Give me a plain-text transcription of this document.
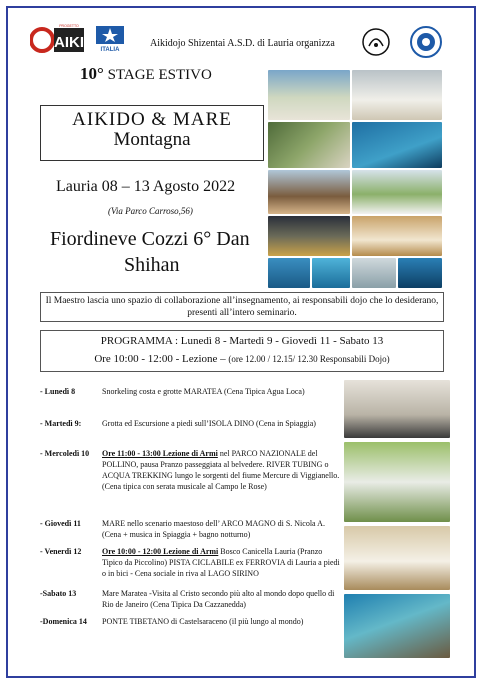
AIKI
PROGETTO
ITALIA
Aikidojo Shizentai A.S.D. di Lauria organizza
10° STAGE ESTIVO
AIKIDO & MARE
Montagna
Lauria 08 – 13 Agosto 2022
(Via Parco Carroso,56)
Fiordineve Cozzi 6° Dan
Shihan
Il Maestro lascia uno spazio di collaborazione all’insegnamento, ai responsabili dojo che lo desiderano, presenti all’intero seminario.
PROGRAMMA : Lunedì 8 - Martedì 9 - Giovedì 11 - Sabato 13
Ore 10:00 - 12:00 - Lezione – (ore 12.00 / 12.15/ 12.30 Responsabili Dojo)
- Lunedì 8	Snorkeling costa e grotte MARATEA (Cena Tipica Agua Loca)
- Martedì 9:	Grotta ed Escursione a piedi sull’ISOLA DINO (Cena in Spiaggia)
- Mercoledì 10 Ore 11:00 - 13:00 Lezione di Armi nel PARCO NAZIONALE del POLLINO, pausa Pranzo passeggiata al belvedere. RIVER TUBING o ACQUA TREKKING lungo le sorgenti del fiume Mercure di Viggianello. (Cena tipica con serata musicale al Campo le Rose)
- Giovedì 11	MARE nello scenario maestoso dell’ ARCO MAGNO di S. Nicola A. (Cena + musica in Spiaggia + bagno notturno)
- Venerdì 12	Ore 10:00 - 12:00 Lezione di Armi Bosco Canicella Lauria (Pranzo Tipico da Piccolino) PISTA CICLABILE ex FERROVIA di Lauria a piedi o in bici - Cena sociale in riva al LAGO SIRINO
-Sabato 13	Mare Maratea -Visita al Cristo secondo più alto al mondo dopo quello di Rio de Janeiro (Cena Tipica Da Cazzanedda)
-Domenica 14 PONTE TIBETANO di Castelsaraceno (il più lungo al mondo)
